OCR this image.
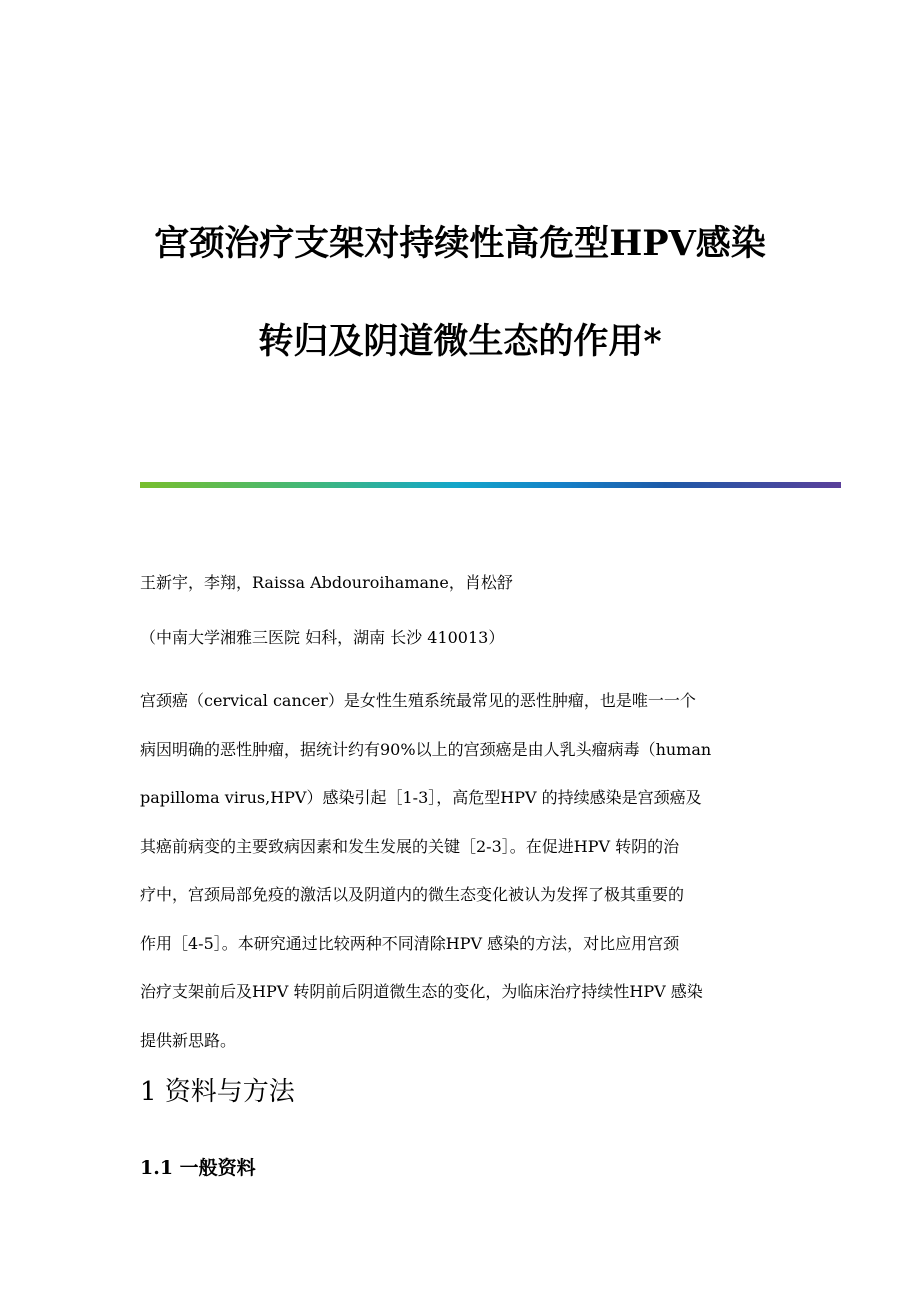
宫颈治疗支架对持续性高危型HPV感染
转归及阴道微生态的作用*
王新宇，李翔，Raissa Abdouroihamane，肖松舒
（中南大学湘雅三医院 妇科，湖南 长沙 410013）
宫颈癌（cervical cancer）是女性生殖系统最常见的恶性肿瘤，也是唯一一个
病因明确的恶性肿瘤，据统计约有90%以上的宫颈癌是由人乳头瘤病毒（human
papilloma virus,HPV）感染引起［1-3］，高危型HPV 的持续感染是宫颈癌及
其癌前病变的主要致病因素和发生发展的关键［2-3］。在促进HPV 转阴的治
疗中，宫颈局部免疫的激活以及阴道内的微生态变化被认为发挥了极其重要的
作用［4-5］。本研究通过比较两种不同清除HPV 感染的方法，对比应用宫颈
治疗支架前后及HPV 转阴前后阴道微生态的变化，为临床治疗持续性HPV 感染
提供新思路。
1 资料与方法
1.1 一般资料
